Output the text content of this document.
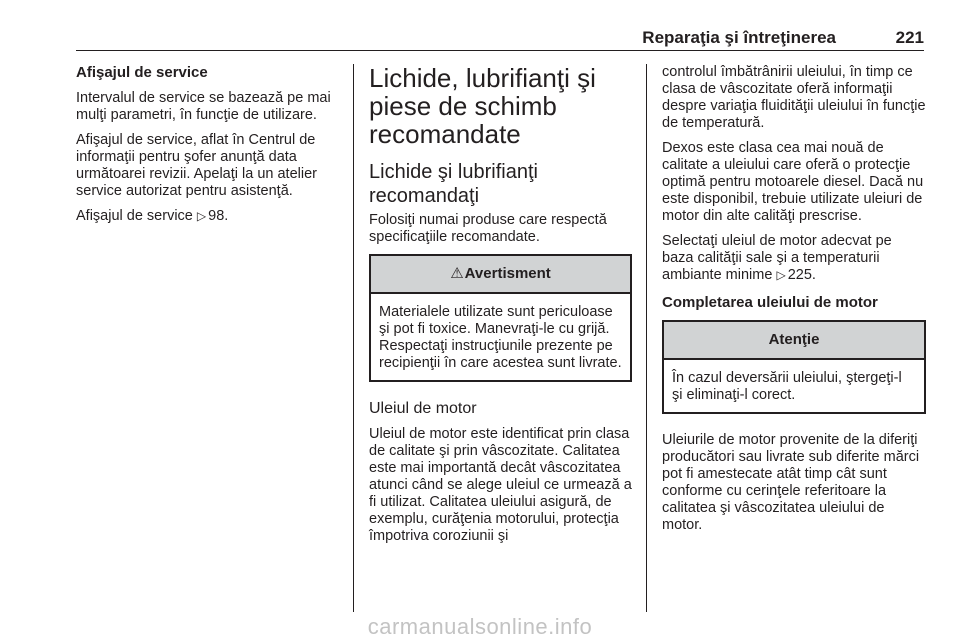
Reparaţia şi întreţinerea	221
Afişajul de service

Intervalul de service se bazează pe mai mulţi parametri, în funcţie de utilizare.

Afişajul de service, aflat în Centrul de informaţii pentru şofer anunţă data următoarei revizii. Apelaţi la un atelier service autorizat pentru asistenţă.

Afişajul de service ▷ 98.

Lichide, lubrifianţi şi piese de schimb recomandate
Lichide şi lubrifianţi recomandaţi

Folosiţi numai produse care respectă specificaţiile recomandate.

⚠Avertisment

Materialele utilizate sunt periculoase şi pot fi toxice. Manevraţi-le cu grijă. Respectaţi instrucţiunile prezente pe recipienţii în care acestea sunt livrate.

Uleiul de motor

Uleiul de motor este identificat prin clasa de calitate şi prin vâscozitate. Calitatea este mai importantă decât vâscozitatea atunci când se alege uleiul ce urmează a fi utilizat. Calitatea uleiului asigură, de exemplu, curăţenia motorului, protecţia împotriva coroziunii şi

controlul îmbătrânirii uleiului, în timp ce clasa de vâscozitate oferă informaţii despre variaţia fluidităţii uleiului în funcţie de temperatură.

Dexos este clasa cea mai nouă de calitate a uleiului care oferă o protecţie optimă pentru motoarele diesel. Dacă nu este disponibil, trebuie utilizate uleiuri de motor din alte calităţi prescrise.

Selectaţi uleiul de motor adecvat pe baza calităţii sale şi a temperaturii ambiante minime ▷ 225.

Completarea uleiului de motor
Atenţie

În cazul deversării uleiului, ştergeţi-l şi eliminaţi-l corect.

Uleiurile de motor provenite de la diferiţi producători sau livrate sub diferite mărci pot fi amestecate atât timp cât sunt conforme cu cerinţele referitoare la calitatea şi vâscozitatea uleiului de motor.

carmanualsonline.info
